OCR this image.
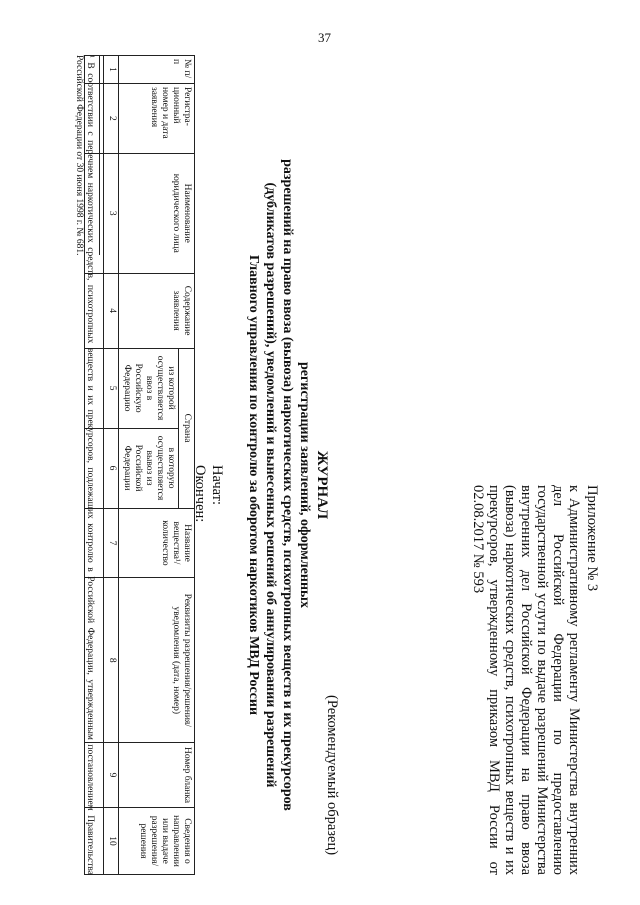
37
Приложение № 3
к Административному регламенту Министерства внутренних дел Российской Федерации по предоставлению государственной услуги по выдаче разрешений Министерства внутренних дел Российской Федерации на право ввоза (вывоза) наркотических средств, психотропных веществ и их прекурсоров, утвержденному приказом МВД России от 02.08.2017 № 593
(Рекомендуемый образец)
ЖУРНАЛ
регистрации заявлений, оформленных
разрешений на право ввоза (вывоза) наркотических средств, психотропных веществ и их прекурсоров
(дубликатов разрешений), уведомлений и вынесенных решений об аннулировании разрешений
Главного управления по контролю за оборотом наркотиков МВД России
Начат:
Окончен:
№ п/п	Регистра-ционный номер и дата заявления	Наименование юридического лица	Содержание заявления	Страна		Название вещества¹/ количество	Реквизиты разрешения/решения/уведомления (дата, номер)	Номер бланка	Сведения о направлении или выдаче разрешения/ решения
				из которой осуществляется ввоз в Российскую Федерацию	в которую осуществляется вывоз из Российской Федерации				
1	2	3	4	5	6	7	8	9	10

¹ В соответствии с перечнем наркотических средств, психотропных веществ и их прекурсоров, подлежащих контролю в Российской Федерации, утвержденным постановлением Правительства Российской Федерации от 30 июня 1998 г. № 681.
